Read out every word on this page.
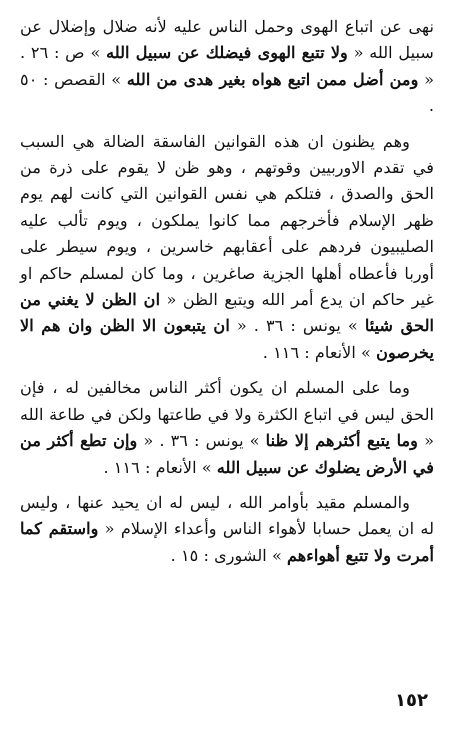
نهى عن اتباع الهوى وحمل الناس عليه لأنه ضلال وإضلال عن سبيل الله « ولا تتبع الهوى فيضلك عن سبيل الله » ص : ٢٦ . « ومن أضل ممن اتبع هواه بغير هدى من الله » القصص : ٥٠ .

وهم يظنون ان هذه القوانين الفاسقة الضالة هي السبب في تقدم الاوربيين وقوتهم ، وهو ظن لا يقوم على ذرة من الحق والصدق ، فتلكم هي نفس القوانين التي كانت لهم يوم ظهر الإسلام فأخرجهم مما كانوا يملكون ، ويوم تألب عليه الصليبيون فردهم على أعقابهم خاسرين ، ويوم سيطر على أوربا فأعطاه أهلها الجزية صاغرين ، وما كان لمسلم حاكم او غير حاكم ان يدع أمر الله ويتبع الظن « ان الظن لا يغني من الحق شيئا » يونس : ٣٦ . « ان يتبعون الا الظن وان هم الا يخرصون » الأنعام : ١١٦ .

وما على المسلم ان يكون أكثر الناس مخالفين له ، فإن الحق ليس في اتباع الكثرة ولا في طاعتها ولكن في طاعة الله « وما يتبع أكثرهم إلا ظنا » يونس : ٣٦ . « وإن تطع أكثر من في الأرض يضلوك عن سبيل الله » الأنعام : ١١٦ .

والمسلم مقيد بأوامر الله ، ليس له ان يحيد عنها ، وليس له ان يعمل حسابا لأهواء الناس وأعداء الإسلام « واستقم كما أمرت ولا تتبع أهواءهم » الشورى : ١٥ .

١٥٢
